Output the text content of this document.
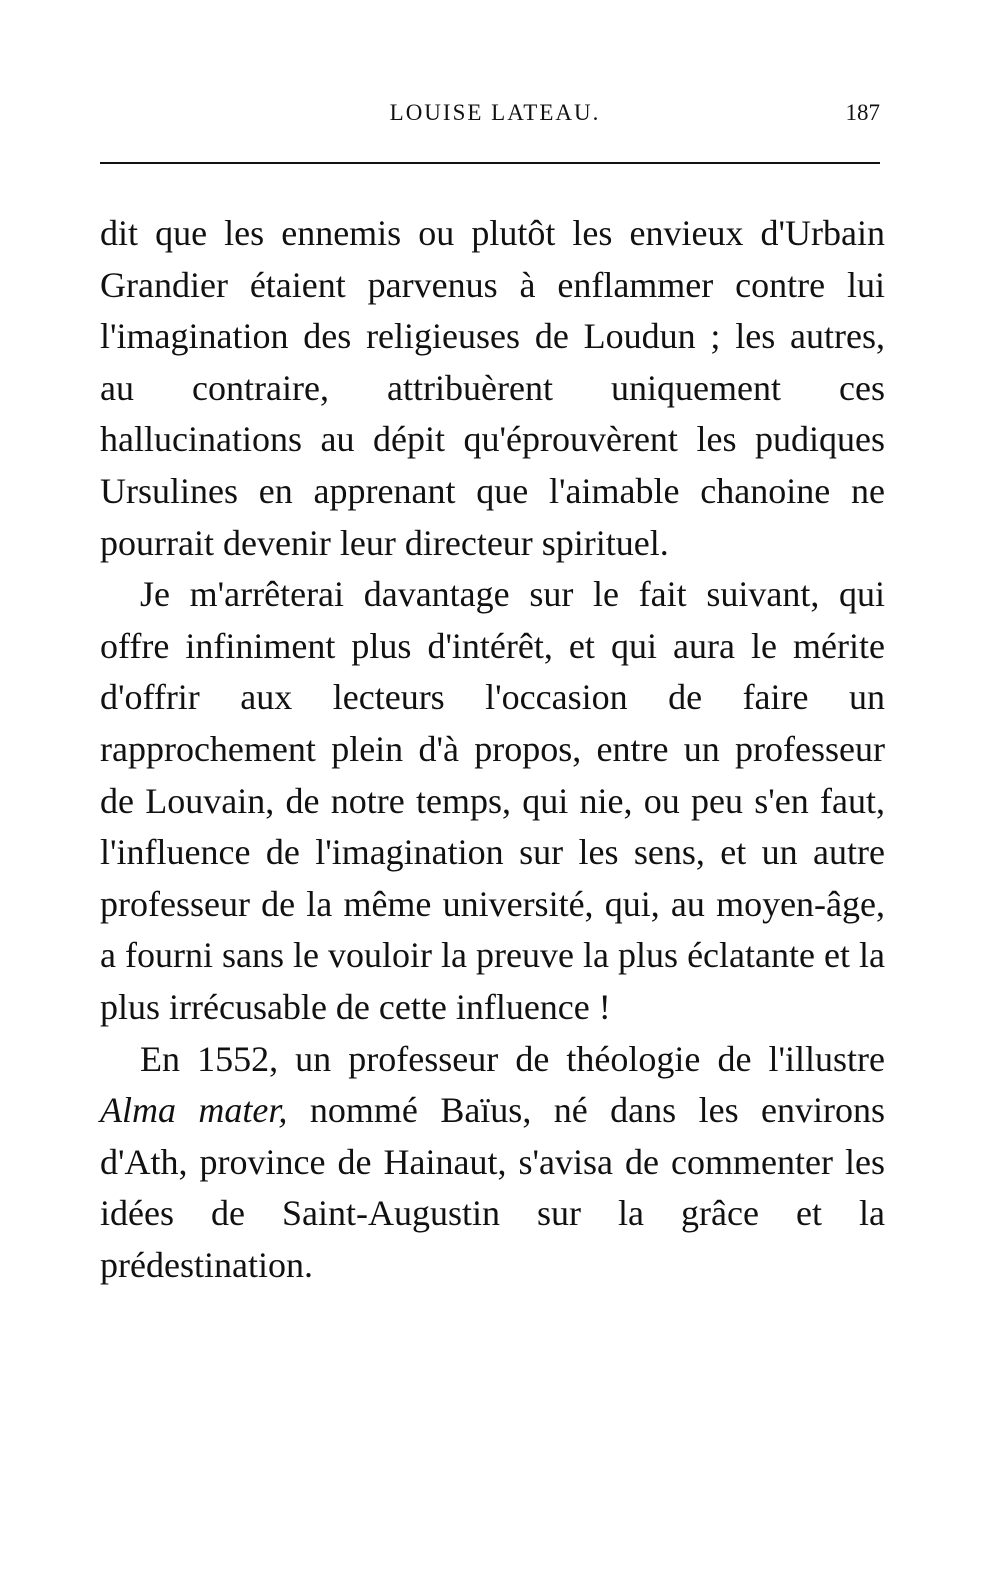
LOUISE LATEAU.	187

dit que les ennemis ou plutôt les envieux d'Urbain Grandier étaient parvenus à enflammer contre lui l'imagination des religieuses de Loudun ; les autres, au contraire, attribuèrent uniquement ces hallucinations au dépit qu'éprouvèrent les pudiques Ursulines en apprenant que l'aimable chanoine ne pourrait devenir leur directeur spirituel.

Je m'arrêterai davantage sur le fait suivant, qui offre infiniment plus d'intérêt, et qui aura le mérite d'offrir aux lecteurs l'occasion de faire un rapprochement plein d'à propos, entre un professeur de Louvain, de notre temps, qui nie, ou peu s'en faut, l'influence de l'imagination sur les sens, et un autre professeur de la même université, qui, au moyen-âge, a fourni sans le vouloir la preuve la plus éclatante et la plus irrécusable de cette influence !

En 1552, un professeur de théologie de l'illustre Alma mater, nommé Baïus, né dans les environs d'Ath, province de Hainaut, s'avisa de commenter les idées de Saint-Augustin sur la grâce et la prédestination.
